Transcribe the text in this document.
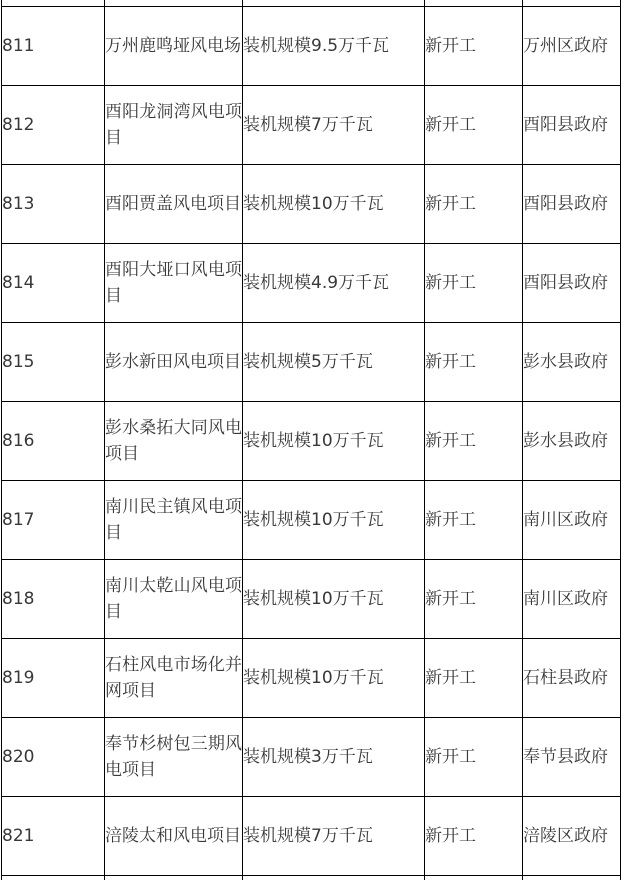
811	万州鹿鸣垭风电场	装机规模9.5万千瓦	新开工	万州区政府
812	酉阳龙洞湾风电项目	装机规模7万千瓦	新开工	酉阳县政府
813	酉阳贾盖风电项目	装机规模10万千瓦	新开工	酉阳县政府
814	酉阳大垭口风电项目	装机规模4.9万千瓦	新开工	酉阳县政府
815	彭水新田风电项目	装机规模5万千瓦	新开工	彭水县政府
816	彭水桑拓大同风电项目	装机规模10万千瓦	新开工	彭水县政府
817	南川民主镇风电项目	装机规模10万千瓦	新开工	南川区政府
818	南川太乾山风电项目	装机规模10万千瓦	新开工	南川区政府
819	石柱风电市场化并网项目	装机规模10万千瓦	新开工	石柱县政府
820	奉节杉树包三期风电项目	装机规模3万千瓦	新开工	奉节县政府
821	涪陵太和风电项目	装机规模7万千瓦	新开工	涪陵区政府
